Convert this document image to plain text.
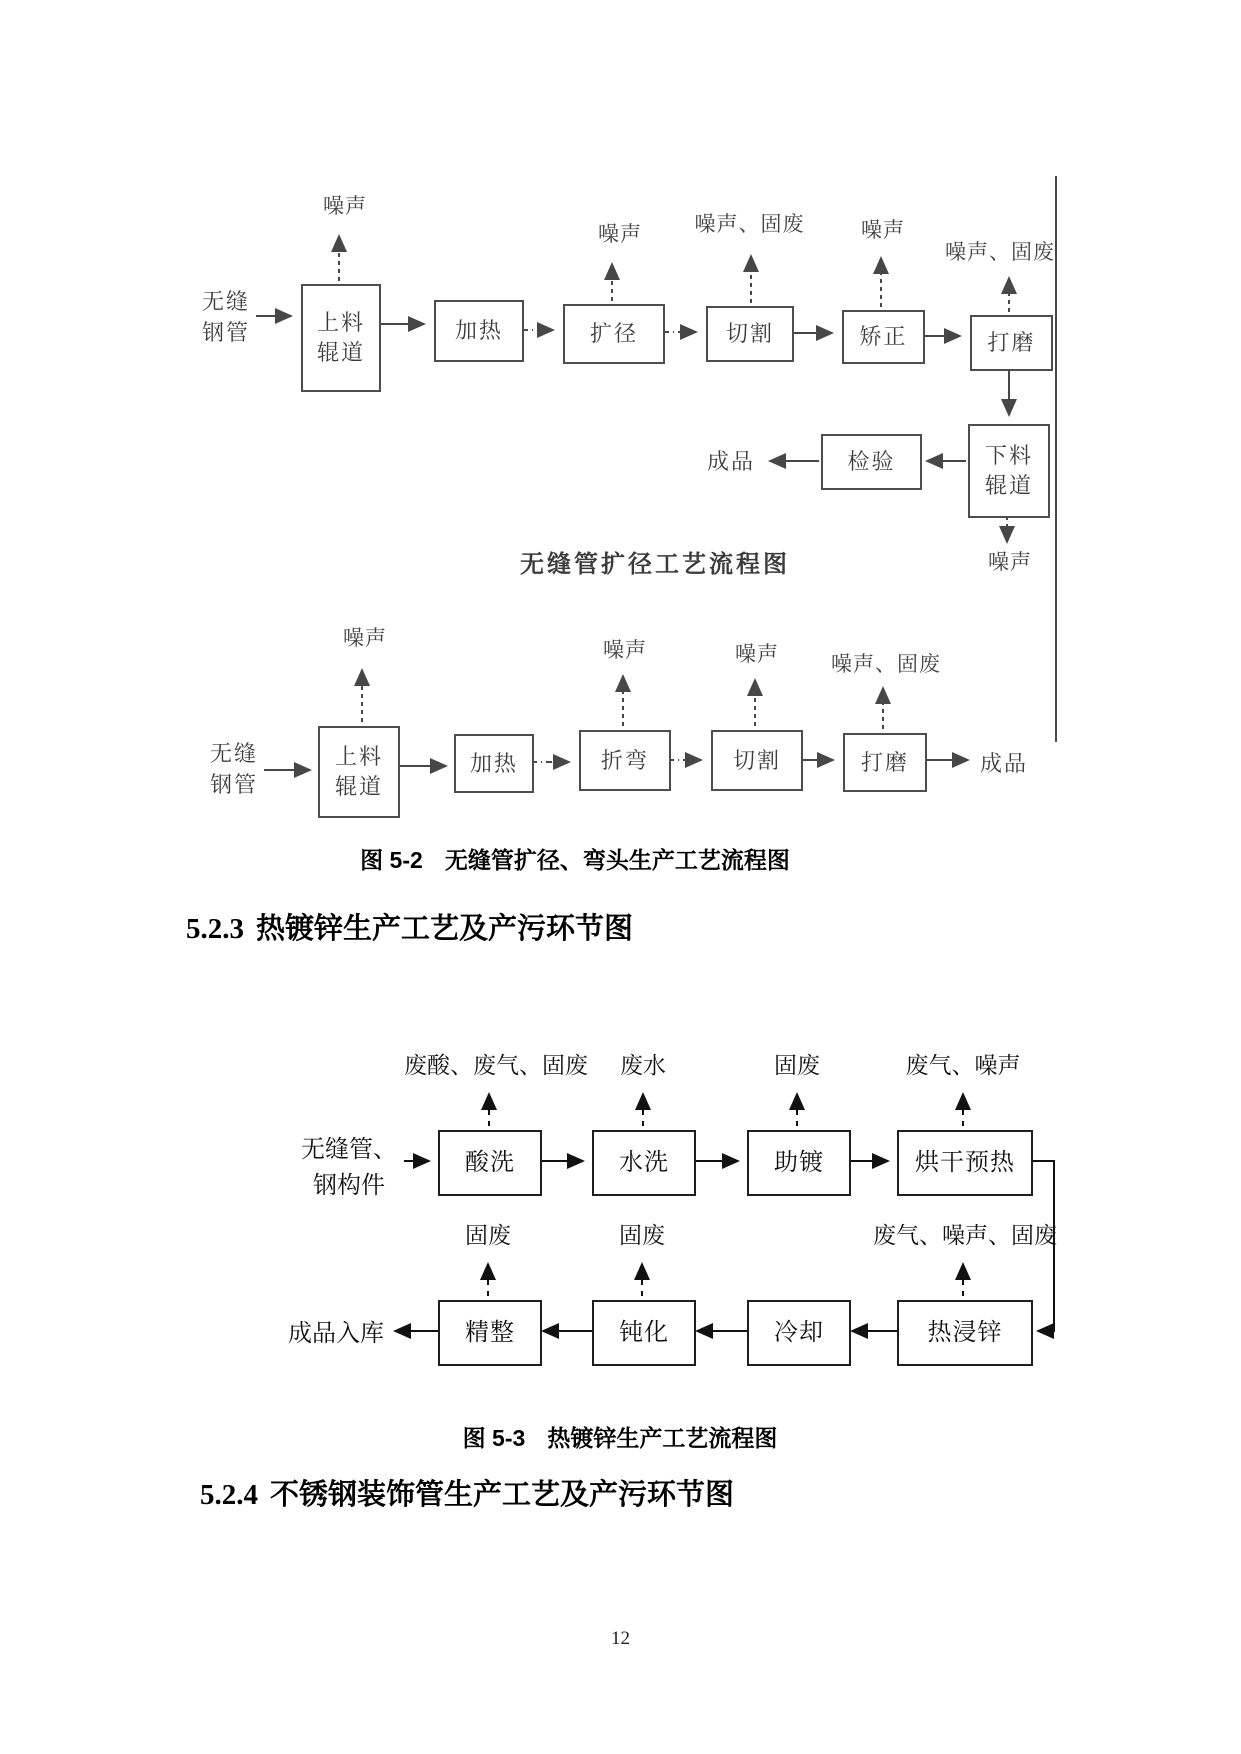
噪声
噪声	噪声、固废	噪声
噪声、固废
噪声
无缝钢管	上料辊道
加热	扩径	切割	矫正	打磨
下料辊道
检验
成品
无缝管扩径工艺流程图
噪声	噪声	噪声	噪声、固废
无缝钢管
上料辊道
加热	折弯	切割	打磨	成品
图 5-2 无缝管扩径、弯头生产工艺流程图
5.2.3 热镀锌生产工艺及产污环节图
废酸、废气、固废 废水	固废	废气、噪声
无缝管、钢构件
酸洗	水洗	助镀	烘干预热
固废	固废	废气、噪声、固废
成品入库	精整	钝化	冷却	热浸锌
图 5-3 热镀锌生产工艺流程图
5.2.4 不锈钢装饰管生产工艺及产污环节图
12
